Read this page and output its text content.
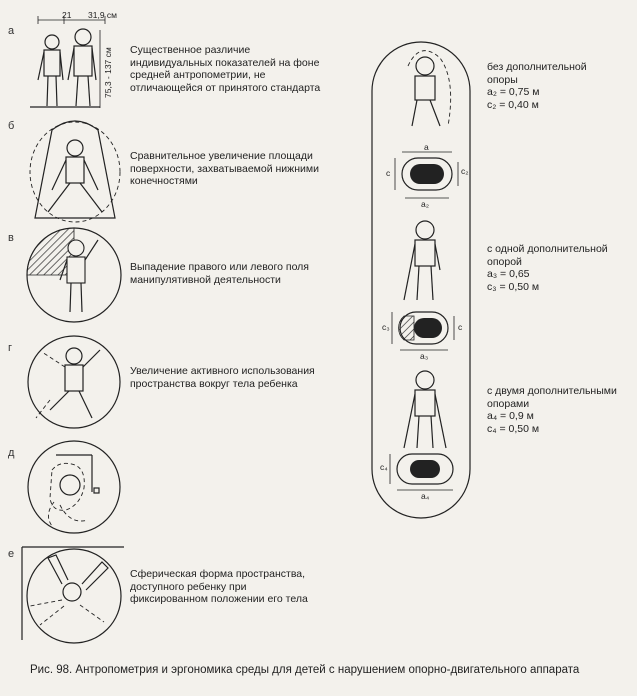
а
б
в
г
д
е
21 31,9 см
75,3 - 137 см Существенное различие
индивидуальных показателей на фоне
средней антропометрии, не
отличающейся от принятого стандарта
Сравнительное увеличение площади
поверхности, захватываемой нижними
конечностями
Выпадение правого или левого поля
манипулятивной деятельности
Увеличение активного использования
пространства вокруг тела ребенка
Сферическая форма пространства,
доступного ребенку при
фиксированном положении его тела
a
c	c₂
a₂
c₃	c
a₃
c₄
a₄
без дополнительной
опоры
a₂ = 0,75 м
c₂ = 0,40 м
с одной дополнительной
опорой
a₃ = 0,65
c₃ = 0,50 м
с двумя дополнительными
опорами
a₄ = 0,9 м
c₄ = 0,50 м
Рис. 98. Антропометрия и эргономика среды для детей с нарушением опорно-двигательного аппарата
